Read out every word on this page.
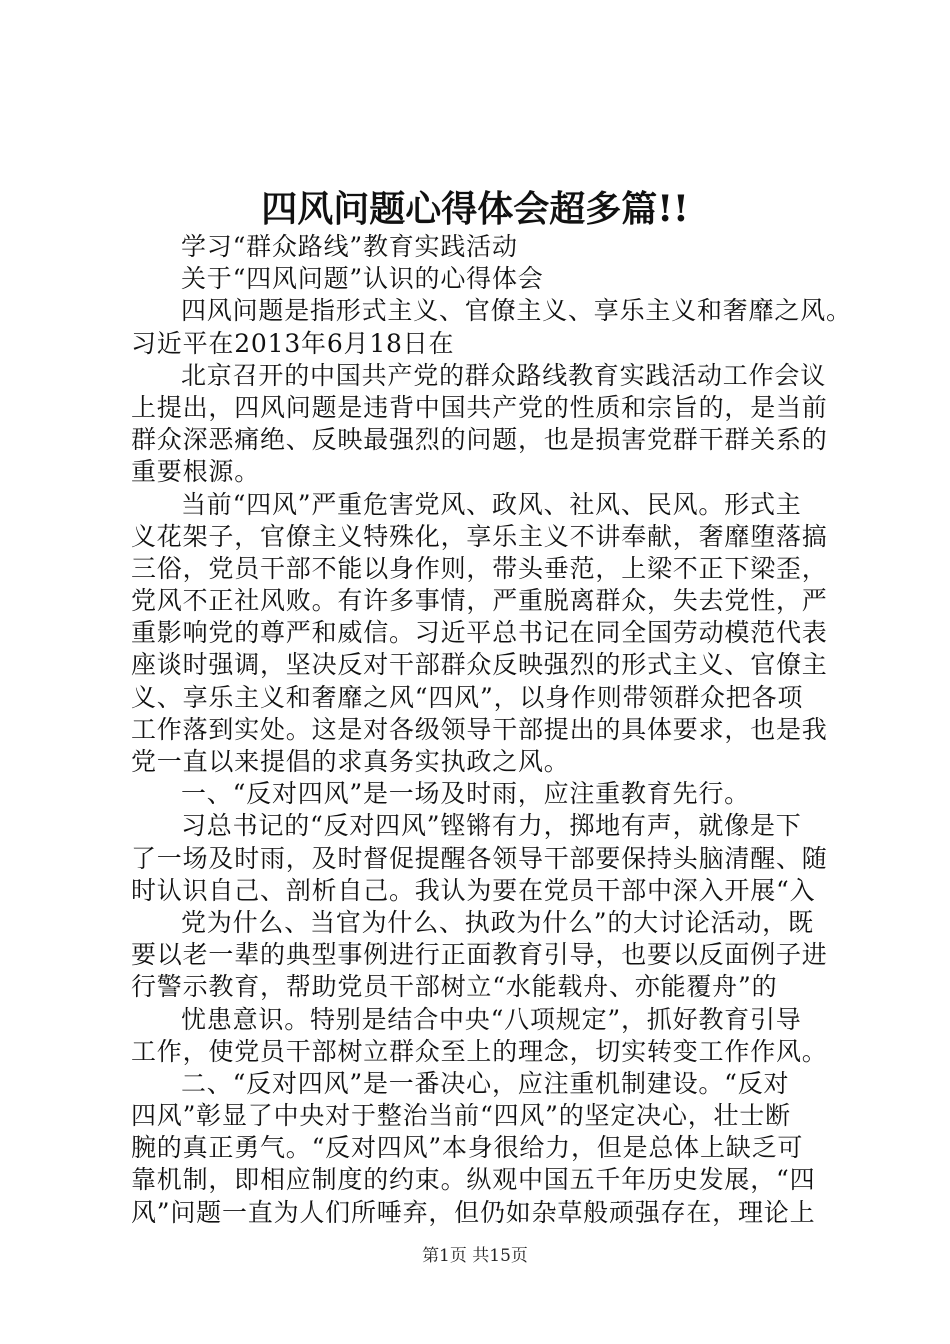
四风问题心得体会超多篇!!
学习“群众路线”教育实践活动
关于“四风问题”认识的心得体会
四风问题是指形式主义、官僚主义、享乐主义和奢靡之风。
习近平在2013年6月18日在
北京召开的中国共产党的群众路线教育实践活动工作会议
上提出，四风问题是违背中国共产党的性质和宗旨的，是当前
群众深恶痛绝、反映最强烈的问题，也是损害党群干群关系的
重要根源。
当前“四风”严重危害党风、政风、社风、民风。形式主
义花架子，官僚主义特殊化，享乐主义不讲奉献，奢靡堕落搞
三俗，党员干部不能以身作则，带头垂范，上梁不正下梁歪，
党风不正社风败。有许多事情，严重脱离群众，失去党性，严
重影响党的尊严和威信。习近平总书记在同全国劳动模范代表
座谈时强调，坚决反对干部群众反映强烈的形式主义、官僚主
义、享乐主义和奢靡之风“四风”，以身作则带领群众把各项
工作落到实处。这是对各级领导干部提出的具体要求，也是我
党一直以来提倡的求真务实执政之风。
一、“反对四风”是一场及时雨，应注重教育先行。
习总书记的“反对四风”铿锵有力，掷地有声，就像是下
了一场及时雨，及时督促提醒各领导干部要保持头脑清醒、随
时认识自己、剖析自己。我认为要在党员干部中深入开展“入
党为什么、当官为什么、执政为什么”的大讨论活动，既
要以老一辈的典型事例进行正面教育引导，也要以反面例子进
行警示教育，帮助党员干部树立“水能载舟、亦能覆舟”的
忧患意识。特别是结合中央“八项规定”，抓好教育引导
工作，使党员干部树立群众至上的理念，切实转变工作作风。
二、“反对四风”是一番决心，应注重机制建设。“反对
四风”彰显了中央对于整治当前“四风”的坚定决心，壮士断
腕的真正勇气。“反对四风”本身很给力，但是总体上缺乏可
靠机制，即相应制度的约束。纵观中国五千年历史发展，“四
风”问题一直为人们所唾弃，但仍如杂草般顽强存在，理论上
第1页 共15页
